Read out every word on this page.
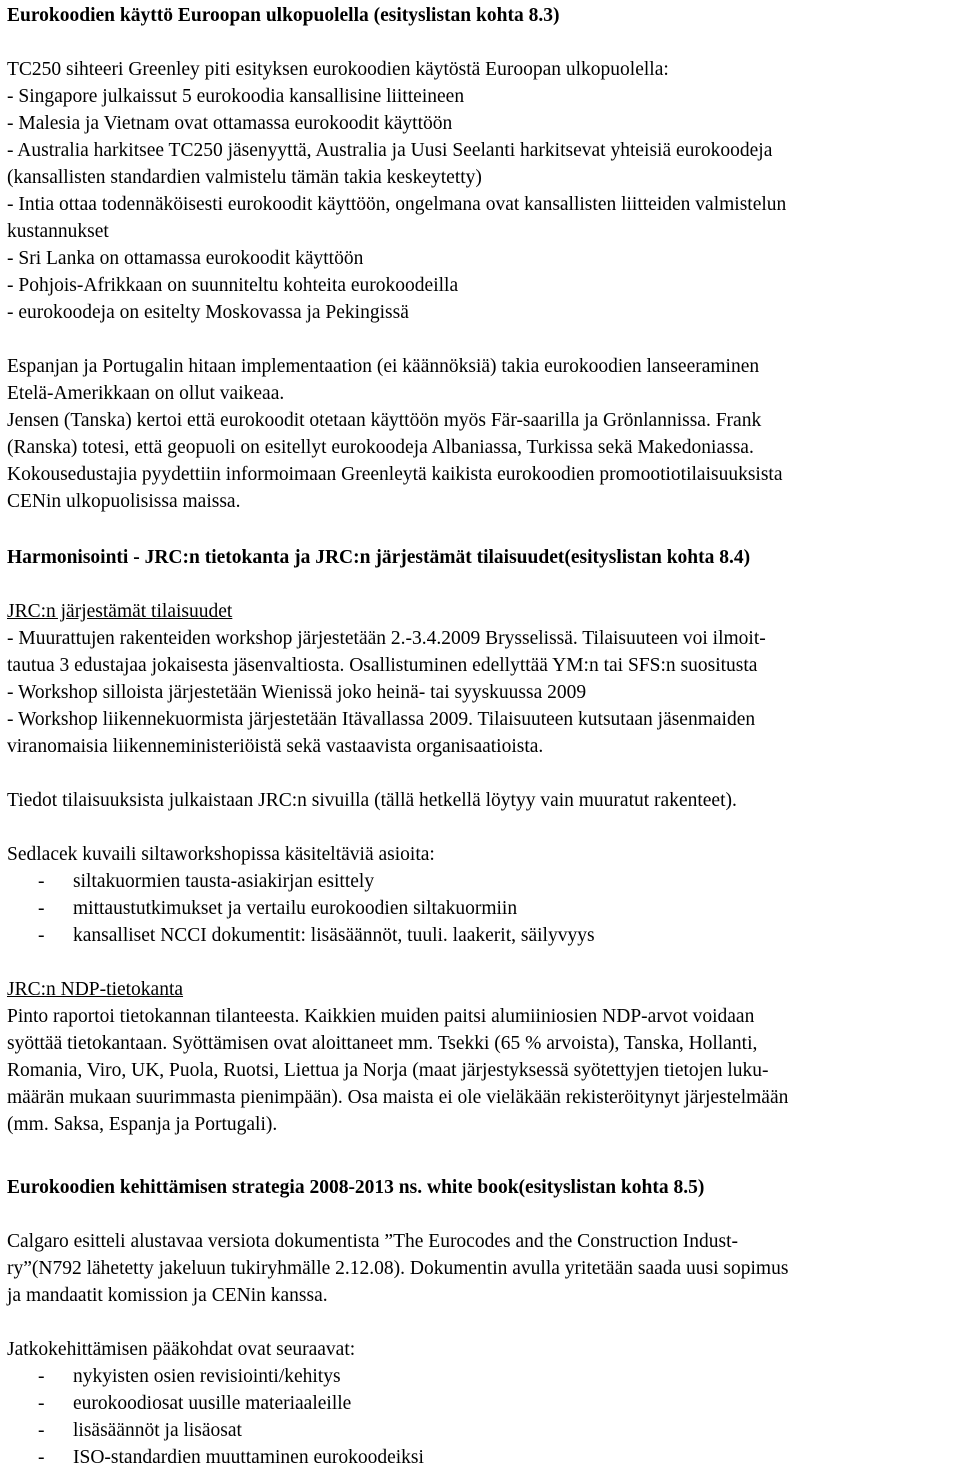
Eurokoodien käyttö Euroopan ulkopuolella (esityslistan kohta 8.3)
TC250 sihteeri Greenley piti esityksen eurokoodien käytöstä Euroopan ulkopuolella:
- Singapore julkaissut 5 eurokoodia kansallisine liitteineen
- Malesia ja Vietnam ovat ottamassa eurokoodit käyttöön
- Australia harkitsee TC250 jäsenyyttä, Australia ja Uusi Seelanti harkitsevat yhteisiä eurokoodeja
(kansallisten standardien valmistelu tämän takia keskeytetty)
- Intia ottaa todennäköisesti eurokoodit käyttöön, ongelmana ovat kansallisten liitteiden valmistelun
kustannukset
- Sri Lanka on ottamassa eurokoodit käyttöön
- Pohjois-Afrikkaan on suunniteltu kohteita eurokoodeilla
- eurokoodeja on esitelty Moskovassa ja Pekingissä
Espanjan ja Portugalin hitaan implementaation (ei käännöksiä) takia eurokoodien lanseeraminen
Etelä-Amerikkaan on ollut vaikeaa.
Jensen (Tanska) kertoi että eurokoodit otetaan käyttöön myös Fär-saarilla ja Grönlannissa. Frank
(Ranska) totesi, että geopuoli on esitellyt eurokoodeja Albaniassa, Turkissa sekä Makedoniassa.
Kokousedustajia pyydettiin informoimaan Greenleytä kaikista eurokoodien promootiotilaisuuksista
CENin ulkopuolisissa maissa.
Harmonisointi - JRC:n tietokanta ja JRC:n järjestämät tilaisuudet(esityslistan kohta 8.4)
JRC:n järjestämät tilaisuudet
- Muurattujen rakenteiden workshop järjestetään 2.-3.4.2009 Brysselissä. Tilaisuuteen voi ilmoit-
tautua 3 edustajaa jokaisesta jäsenvaltiosta. Osallistuminen edellyttää YM:n tai SFS:n suositusta
- Workshop silloista järjestetään Wienissä joko heinä- tai syyskuussa 2009
- Workshop liikennekuormista järjestetään Itävallassa 2009. Tilaisuuteen kutsutaan jäsenmaiden
viranomaisia liikenneministeriöistä sekä vastaavista organisaatioista.
Tiedot tilaisuuksista julkaistaan JRC:n sivuilla (tällä hetkellä löytyy vain muuratut rakenteet).
Sedlacek kuvaili siltaworkshopissa käsiteltäviä asioita:
- siltakuormien tausta-asiakirjan esittely
- mittaustutkimukset ja vertailu eurokoodien siltakuormiin
- kansalliset NCCI dokumentit: lisäsäännöt, tuuli. laakerit, säilyvyys
JRC:n NDP-tietokanta
Pinto raportoi tietokannan tilanteesta. Kaikkien muiden paitsi alumiiniosien NDP-arvot voidaan
syöttää tietokantaan. Syöttämisen ovat aloittaneet mm. Tsekki (65 % arvoista), Tanska, Hollanti,
Romania, Viro, UK, Puola, Ruotsi, Liettua ja Norja (maat järjestyksessä syötettyjen tietojen luku-
määrän mukaan suurimmasta pienimpään). Osa maista ei ole vieläkään rekisteröitynyt järjestelmään
(mm. Saksa, Espanja ja Portugali).
Eurokoodien kehittämisen strategia 2008-2013 ns. white book(esityslistan kohta 8.5)
Calgaro esitteli alustavaa versiota dokumentista ”The Eurocodes and the Construction Indust-
ry”(N792 lähetetty jakeluun tukiryhmälle 2.12.08). Dokumentin avulla yritetään saada uusi sopimus
ja mandaatit komission ja CENin kanssa.
Jatkokehittämisen pääkohdat ovat seuraavat:
- nykyisten osien revisiointi/kehitys
- eurokoodiosat uusille materiaaleille
- lisäsäännöt ja lisäosat
- ISO-standardien muuttaminen eurokoodeiksi
